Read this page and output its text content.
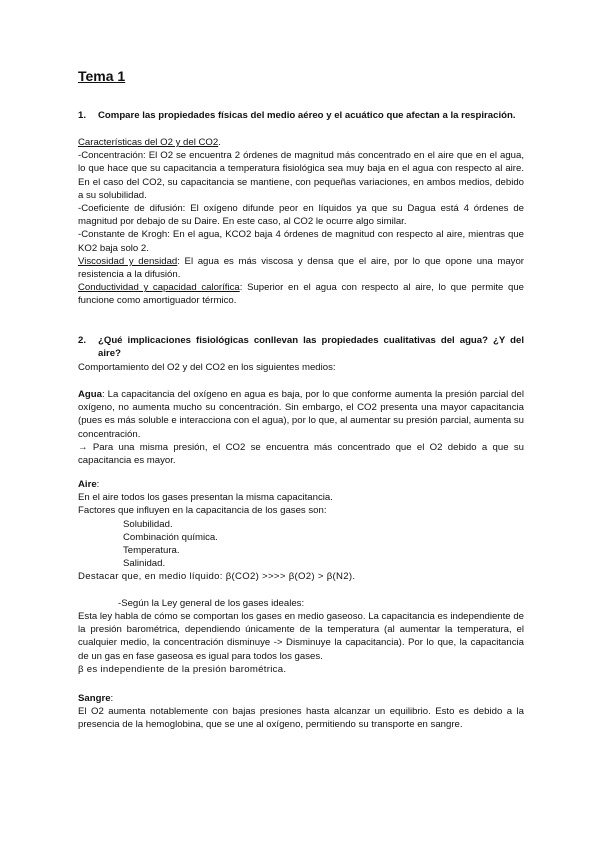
Tema 1
1.	Compare las propiedades físicas del medio aéreo y el acuático que afectan a la respiración.

Características del O2 y del CO2.

-Concentración: El O2 se encuentra 2 órdenes de magnitud más concentrado en el aire que en el agua, lo que hace que su capacitancia a temperatura fisiológica sea muy baja en el agua con respecto al aire. En el caso del CO2, su capacitancia se mantiene, con pequeñas variaciones, en ambos medios, debido a su solubilidad.

-Coeficiente de difusión: El oxígeno difunde peor en líquidos ya que su Dagua está 4 órdenes de magnitud por debajo de su Daire. En este caso, al CO2 le ocurre algo similar.

-Constante de Krogh: En el agua, KCO2 baja 4 órdenes de magnitud con respecto al aire, mientras que KO2 baja solo 2.

Viscosidad y densidad: El agua es más viscosa y densa que el aire, por lo que opone una mayor resistencia a la difusión.

Conductividad y capacidad calorífica: Superior en el agua con respecto al aire, lo que permite que funcione como amortiguador térmico.

2.	¿Qué implicaciones fisiológicas conllevan las propiedades cualitativas del agua? ¿Y del aire?

Comportamiento del O2 y del CO2 en los siguientes medios:

Agua: La capacitancia del oxígeno en agua es baja, por lo que conforme aumenta la presión parcial del oxígeno, no aumenta mucho su concentración. Sin embargo, el CO2 presenta una mayor capacitancia (pues es más soluble e interacciona con el agua), por lo que, al aumentar su presión parcial, aumenta su concentración.

→ Para una misma presión, el CO2 se encuentra más concentrado que el O2 debido a que su capacitancia es mayor.

Aire:

En el aire todos los gases presentan la misma capacitancia.

Factores que influyen en la capacitancia de los gases son:

Solubilidad.

Combinación química.

Temperatura.

Salinidad.

Destacar que, en medio líquido: β(CO2) >>>> β(O2) > β(N2).

-Según la Ley general de los gases ideales:

Esta ley habla de cómo se comportan los gases en medio gaseoso. La capacitancia es independiente de la presión barométrica, dependiendo únicamente de la temperatura (al aumentar la temperatura, el cualquier medio, la concentración disminuye -> Disminuye la capacitancia). Por lo que, la capacitancia de un gas en fase gaseosa es igual para todos los gases.

β es independiente de la presión barométrica.

Sangre:

El O2 aumenta notablemente con bajas presiones hasta alcanzar un equilibrio. Esto es debido a la presencia de la hemoglobina, que se une al oxígeno, permitiendo su transporte en sangre.
